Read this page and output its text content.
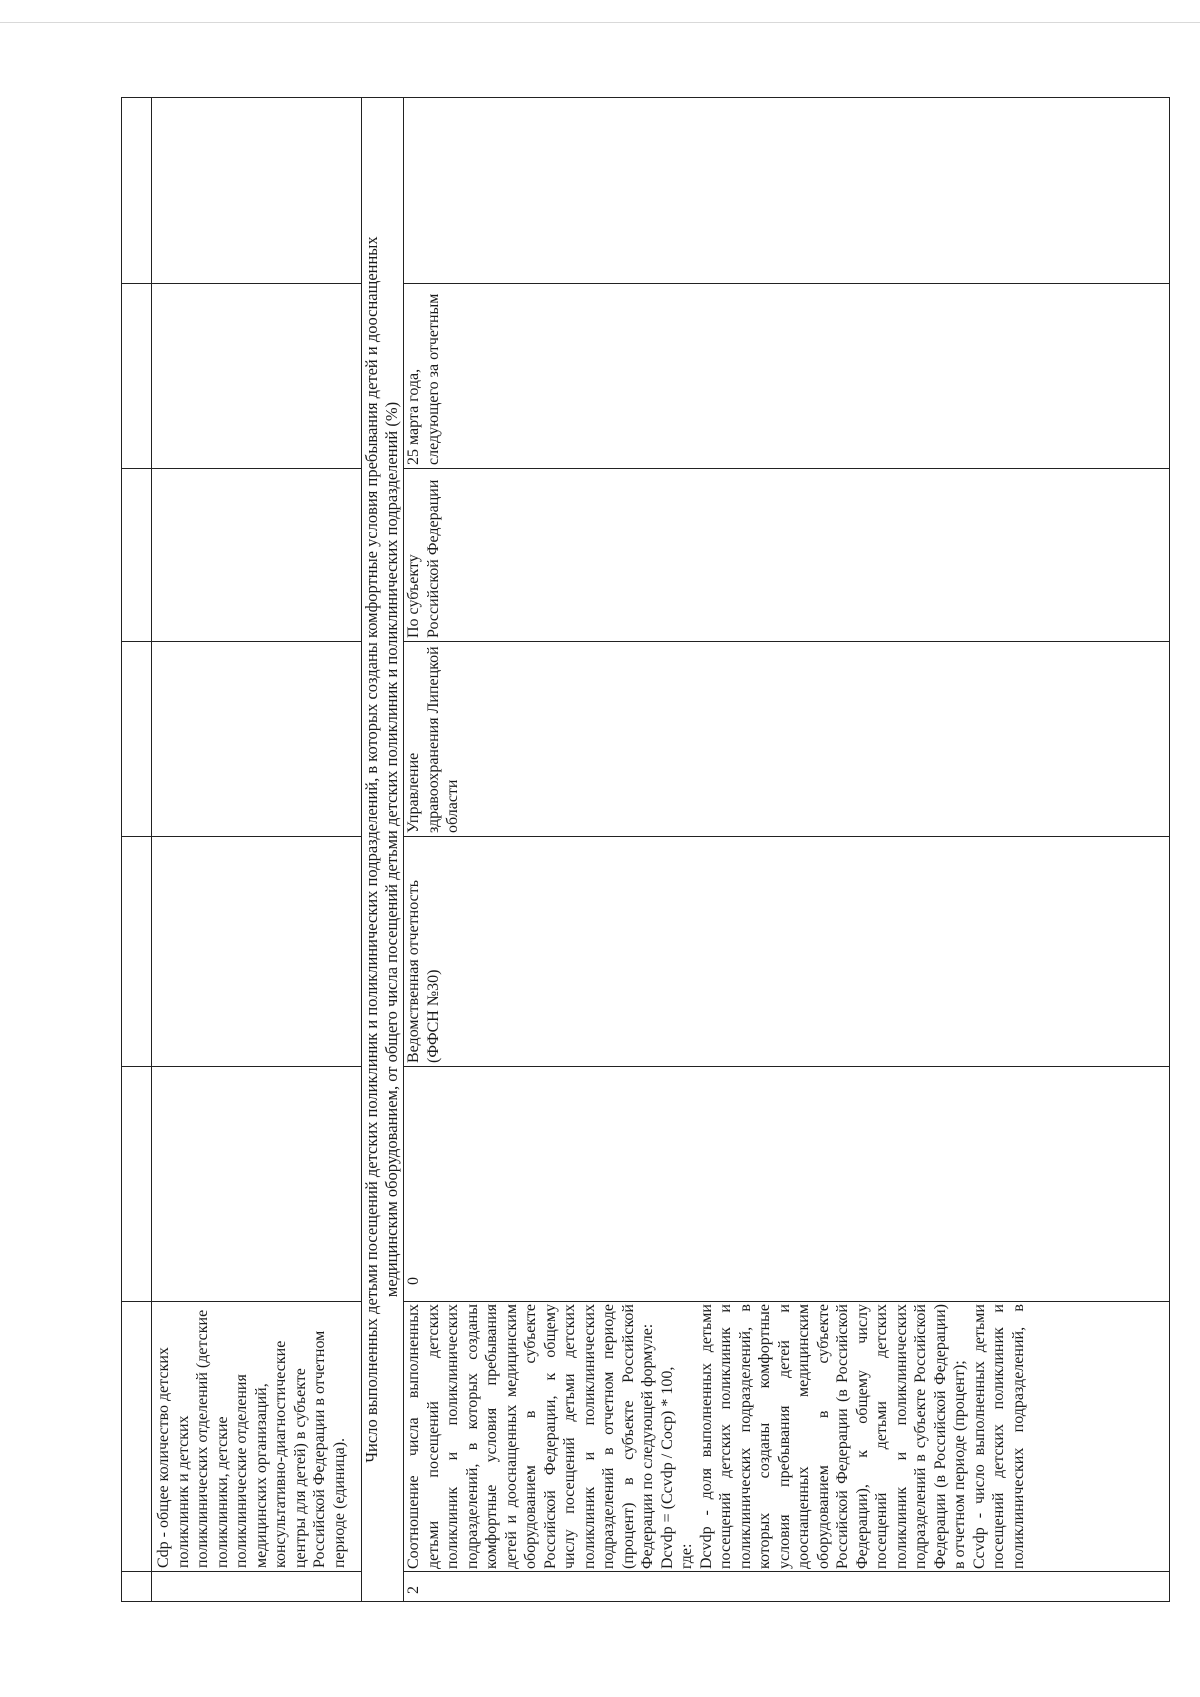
Cdp - общее количество детских поликлиник и детских поликлинических отделений (детские поликлиники, детские поликлинические отделения медицинских организаций, консультативно-диагностические центры для детей) в субъекте Российской Федерации в отчетном периоде (единица).
Число выполненных детьми посещений детских поликлиник и поликлинических подразделений, в которых созданы комфортные условия пребывания детей и дооснащенных медицинским оборудованием, от общего числа посещений детьми детских поликлиник и поликлинических подразделений (%)
2
Соотношение числа выполненных детьми посещений детских поликлиник и поликлинических подразделений, в которых созданы комфортные условия пребывания детей и дооснащенных медицинским оборудованием в субъекте Российской Федерации, к общему числу посещений детьми детских поликлиник и поликлинических подразделений в отчетном периоде (процент) в субъекте Российской Федерации по следующей формуле: Dcvdp = (Ccvdp / Cocp) * 100, где: Dcvdp - доля выполненных детьми посещений детских поликлиник и поликлинических подразделений, в которых созданы комфортные условия пребывания детей и дооснащенных медицинским оборудованием в субъекте Российской Федерации (в Российской Федерации), к общему числу посещений детьми детских поликлиник и поликлинических подразделений в субъекте Российской Федерации (в Российской Федерации) в отчетном периоде (процент); Ccvdp - число выполненных детьми посещений детских поликлиник и поликлинических подразделений, в
0
Ведомственная отчетность (ФФСН №30)
Управление здравоохранения Липецкой области
По субъекту Российской Федерации
25 марта года, следующего за отчетным
